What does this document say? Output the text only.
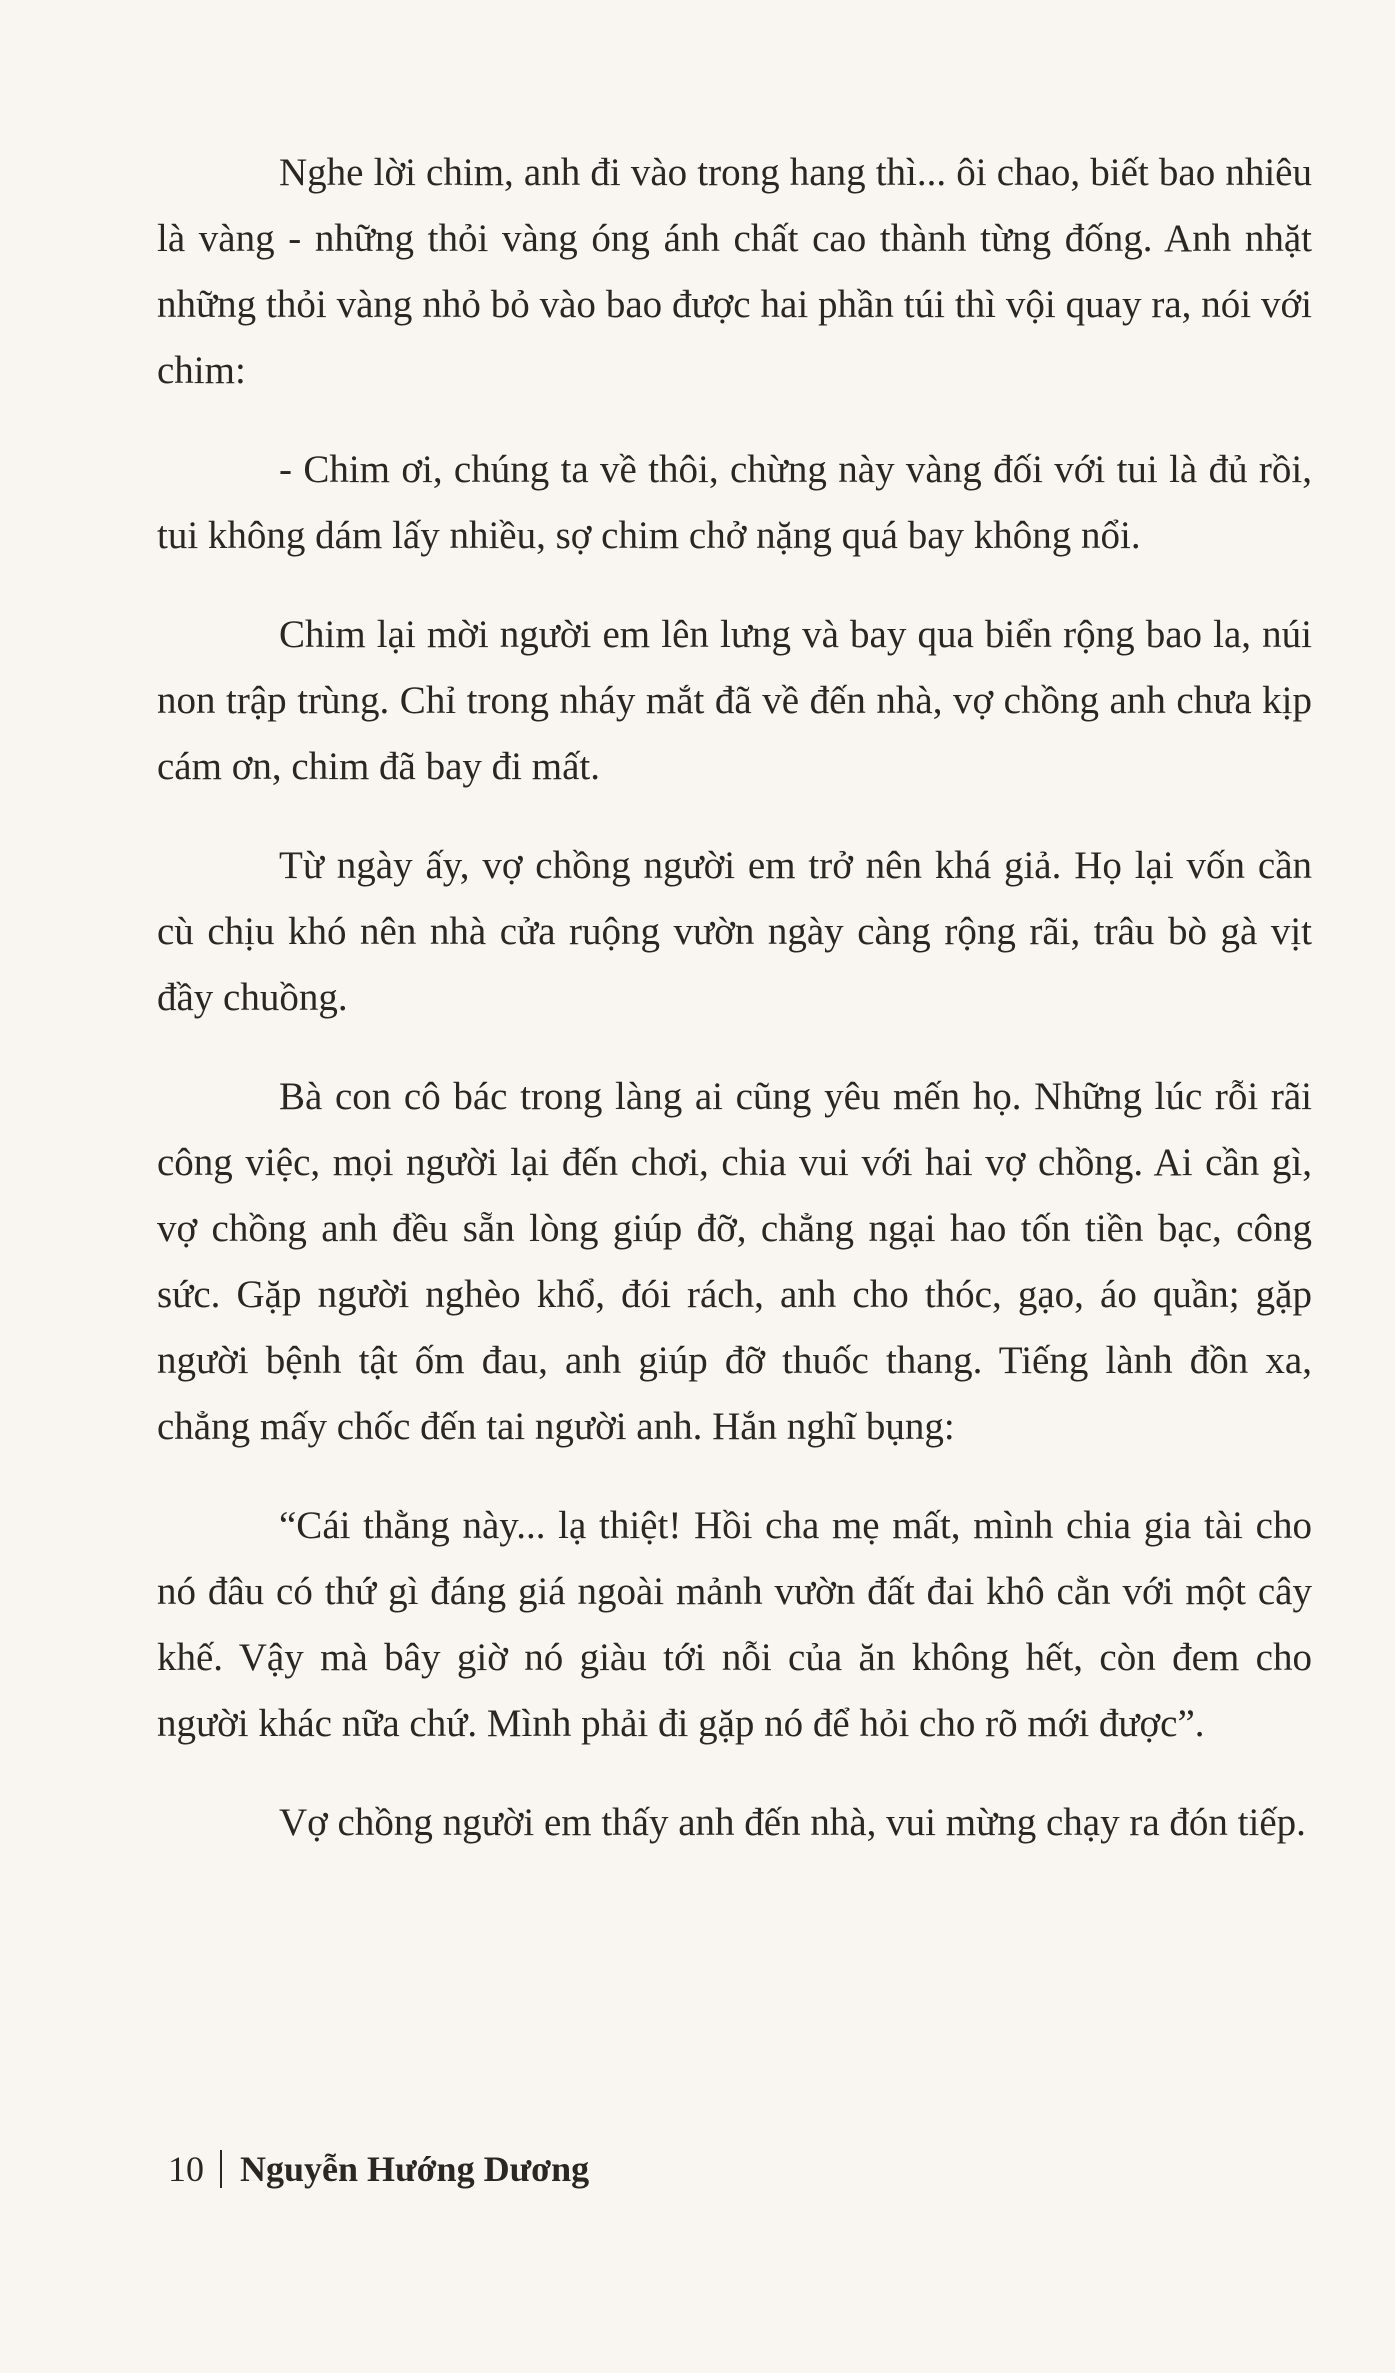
Nghe lời chim, anh đi vào trong hang thì... ôi chao, biết bao nhiêu là vàng - những thỏi vàng óng ánh chất cao thành từng đống. Anh nhặt những thỏi vàng nhỏ bỏ vào bao được hai phần túi thì vội quay ra, nói với chim:

- Chim ơi, chúng ta về thôi, chừng này vàng đối với tui là đủ rồi, tui không dám lấy nhiều, sợ chim chở nặng quá bay không nổi.

Chim lại mời người em lên lưng và bay qua biển rộng bao la, núi non trập trùng. Chỉ trong nháy mắt đã về đến nhà, vợ chồng anh chưa kịp cám ơn, chim đã bay đi mất.

Từ ngày ấy, vợ chồng người em trở nên khá giả. Họ lại vốn cần cù chịu khó nên nhà cửa ruộng vườn ngày càng rộng rãi, trâu bò gà vịt đầy chuồng.

Bà con cô bác trong làng ai cũng yêu mến họ. Những lúc rỗi rãi công việc, mọi người lại đến chơi, chia vui với hai vợ chồng. Ai cần gì, vợ chồng anh đều sẵn lòng giúp đỡ, chẳng ngại hao tốn tiền bạc, công sức. Gặp người nghèo khổ, đói rách, anh cho thóc, gạo, áo quần; gặp người bệnh tật ốm đau, anh giúp đỡ thuốc thang. Tiếng lành đồn xa, chẳng mấy chốc đến tai người anh. Hắn nghĩ bụng:

“Cái thằng này... lạ thiệt! Hồi cha mẹ mất, mình chia gia tài cho nó đâu có thứ gì đáng giá ngoài mảnh vườn đất đai khô cằn với một cây khế. Vậy mà bây giờ nó giàu tới nỗi của ăn không hết, còn đem cho người khác nữa chứ. Mình phải đi gặp nó để hỏi cho rõ mới được”.

Vợ chồng người em thấy anh đến nhà, vui mừng chạy ra đón tiếp.

10 Nguyễn Hướng Dương
